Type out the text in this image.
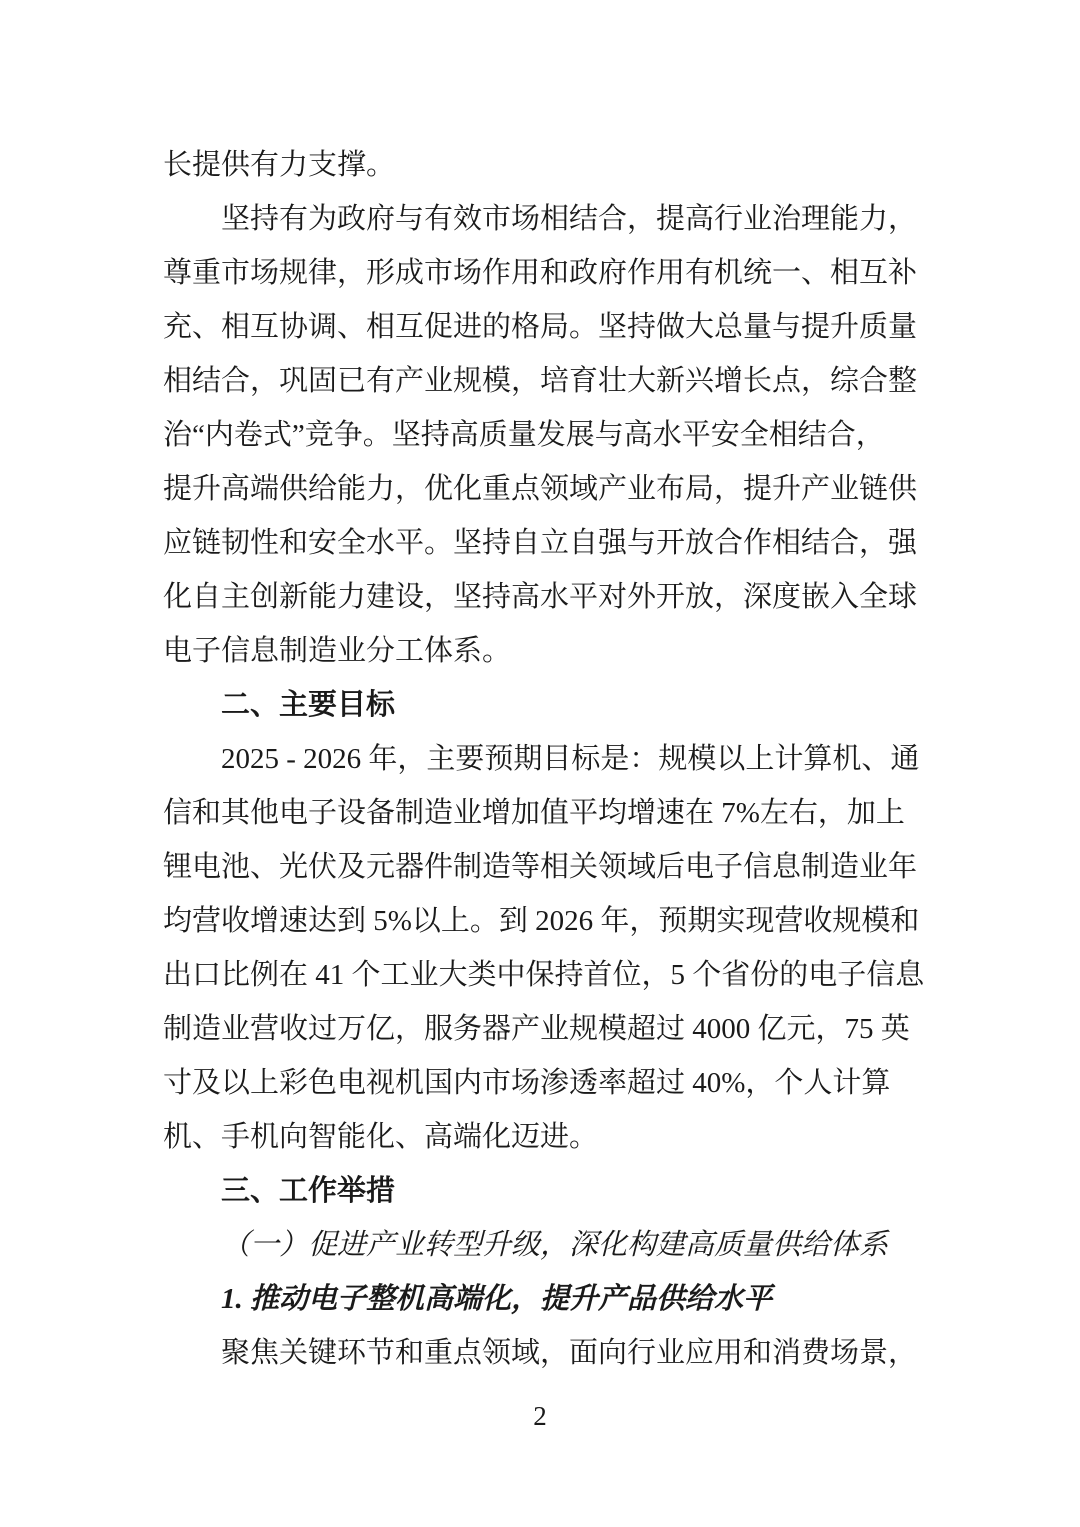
长提供有力支撑。
坚持有为政府与有效市场相结合，提高行业治理能力，
尊重市场规律，形成市场作用和政府作用有机统一、相互补
充、相互协调、相互促进的格局。坚持做大总量与提升质量
相结合，巩固已有产业规模，培育壮大新兴增长点，综合整
治“内卷式”竞争。坚持高质量发展与高水平安全相结合，
提升高端供给能力，优化重点领域产业布局，提升产业链供
应链韧性和安全水平。坚持自立自强与开放合作相结合，强
化自主创新能力建设，坚持高水平对外开放，深度嵌入全球
电子信息制造业分工体系。
二、主要目标
2025 - 2026 年，主要预期目标是：规模以上计算机、通
信和其他电子设备制造业增加值平均增速在 7%左右，加上
锂电池、光伏及元器件制造等相关领域后电子信息制造业年
均营收增速达到 5%以上。到 2026 年，预期实现营收规模和
出口比例在 41 个工业大类中保持首位，5 个省份的电子信息
制造业营收过万亿，服务器产业规模超过 4000 亿元，75 英
寸及以上彩色电视机国内市场渗透率超过 40%，个人计算
机、手机向智能化、高端化迈进。
三、工作举措
（一）促进产业转型升级，深化构建高质量供给体系
1. 推动电子整机高端化，提升产品供给水平
聚焦关键环节和重点领域，面向行业应用和消费场景，
2
